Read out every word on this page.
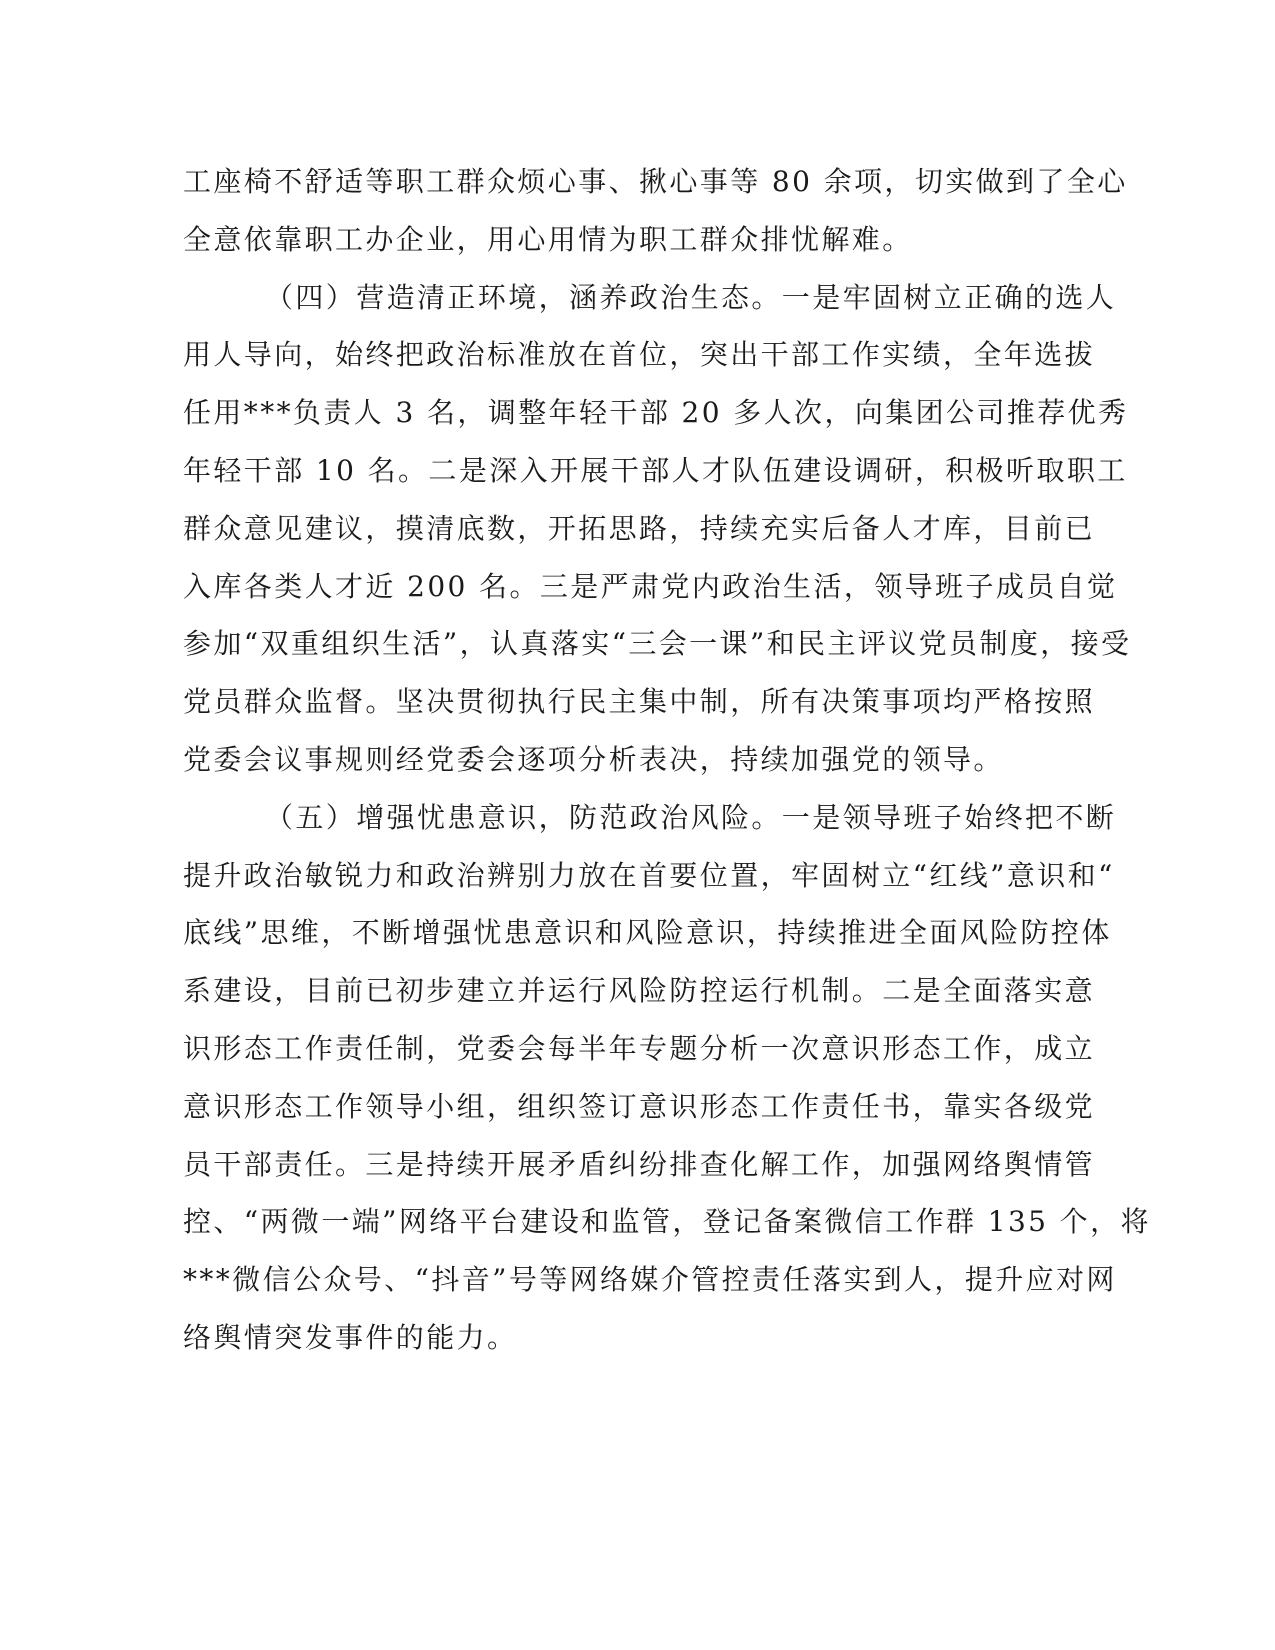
工座椅不舒适等职工群众烦心事、揪心事等 80 余项，切实做到了全心
全意依靠职工办企业，用心用情为职工群众排忧解难。
（四）营造清正环境，涵养政治生态。一是牢固树立正确的选人
用人导向，始终把政治标准放在首位，突出干部工作实绩，全年选拔
任用***负责人 3 名，调整年轻干部 20 多人次，向集团公司推荐优秀
年轻干部 10 名。二是深入开展干部人才队伍建设调研，积极听取职工
群众意见建议，摸清底数，开拓思路，持续充实后备人才库，目前已
入库各类人才近 200 名。三是严肃党内政治生活，领导班子成员自觉
参加“双重组织生活”，认真落实“三会一课”和民主评议党员制度，接受
党员群众监督。坚决贯彻执行民主集中制，所有决策事项均严格按照
党委会议事规则经党委会逐项分析表决，持续加强党的领导。
（五）增强忧患意识，防范政治风险。一是领导班子始终把不断
提升政治敏锐力和政治辨别力放在首要位置，牢固树立“红线”意识和“
底线”思维，不断增强忧患意识和风险意识，持续推进全面风险防控体
系建设，目前已初步建立并运行风险防控运行机制。二是全面落实意
识形态工作责任制，党委会每半年专题分析一次意识形态工作，成立
意识形态工作领导小组，组织签订意识形态工作责任书，靠实各级党
员干部责任。三是持续开展矛盾纠纷排查化解工作，加强网络舆情管
控、“两微一端”网络平台建设和监管，登记备案微信工作群 135 个，将
***微信公众号、“抖音”号等网络媒介管控责任落实到人，提升应对网
络舆情突发事件的能力。
